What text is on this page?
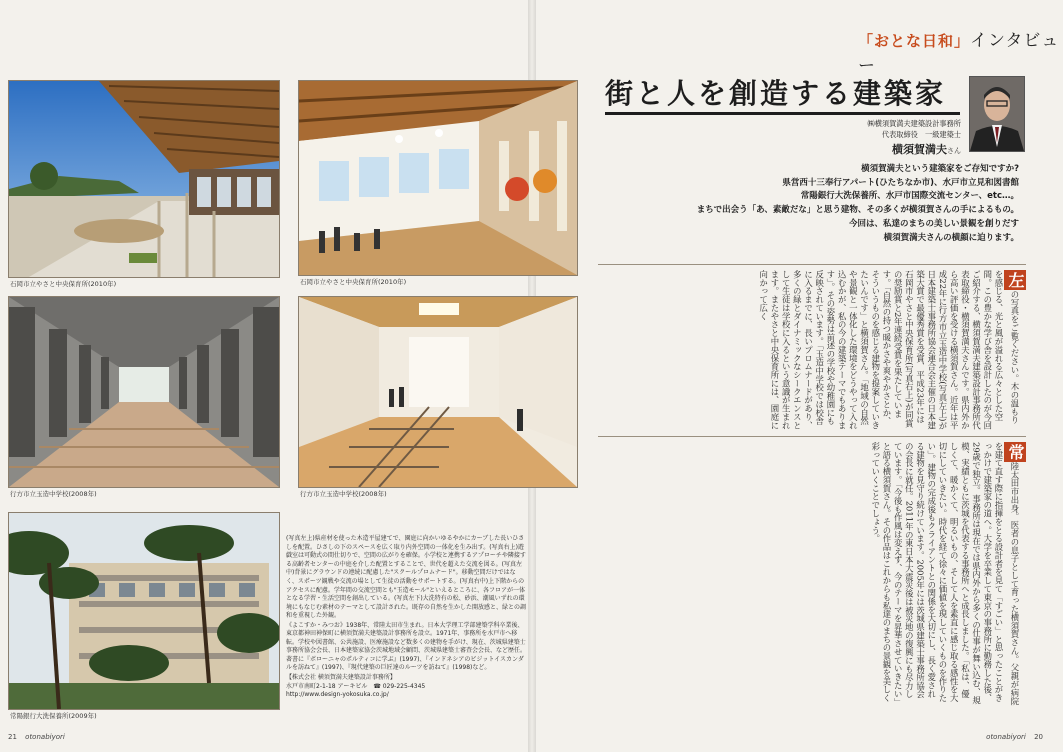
石岡市立やさと中央保育所(2010年)	石岡市立やさと中央保育所(2010年)
行方市立玉造中学校(2008年)	行方市立玉造中学校(2008年)
常陽銀行大洗保養所(2009年)

(写真左上)県産材を使った木造平屋建てで、園庭に向かいゆるやかにカーブした長いひさしを配置。ひさしの下のスペースを広く取り内外空間の一体化を生み出す。(写真右上)遊戯室は可動式の間仕切りで、空間の広がりを確保。小学校と連携するアプローチや隣接する高齢者センターの中庭を介した配置とすることで、世代を超えた交流を図る。(写真左中)背景にグラウンドの連続に配慮した"スクールプロムナード"。移動空間だけではなく、スポーツ観戦や交流の場として生徒の活動をサポートする。(写真右中)上下階からのアクセスに配慮。学年間の交流空間とも"玉造モール"といえるところに、各フロアが一体となる学習・生活空間を創出している。(写真左下)大洗特有の松、砂浜、潮風いずれの環境にもなじむ素材のテーマとして設計された。既存の自然を生かした開放感と、緑との調和を重視した外観。

《よこすか・みつお》1938年、常陸太田市生まれ。日本大学理工学部建築学科卒業後、東京都神田神保町に横須賀満夫建築設計事務所を設立。1971年、事務所を水戸市へ移転。学校や図書館、公共施設、医療施設など数多くの建物を手がけ、現在、茨城県建築士事務所協会会長、日本建築家協会茨城地域会顧問、茨城県建築士審査会会長、など歴任。著書に『ボローニャのポルティコに学ぶ』(1997)、『インドネシアのビジットイスカンダルを訪ねて』(1997)、『現代建築の巨匠達のルーツを訪ねて』(1998)など。

【株式会社 横須賀満夫建築設計事務所】

水戸市南町2-1-18 アーキビル　☎ 029-225-4345

http://www.design-yokosuka.co.jp/

「おとな日和」インタビュー
街と人を創造する建築家
㈱横須賀満夫建築設計事務所
代表取締役　一級建築士
横須賀満夫さん
横須賀満夫という建築家をご存知ですか?
県営西十三奉行アパート(ひたちなか市)、水戸市立見和図書館
常陽銀行大洗保養所、水戸市国際交流センター、etc…。
まちで出会う「あ、素敵だな」と思う建物、その多くが横須賀さんの手によるもの。
今回は、私達のまちの美しい景観を創りだす
横須賀満夫さんの横顔に迫ります。

左の写真をご覧ください。木の温もりを感じる、光と風が溢れる広々とした空間。この豊かな学び舎を設計したのが今回ご紹介する、横須賀満夫建築設計事務所代表取締役・横須賀満夫さんです。県内外から高い評価を受ける横須賀さん。近年は平成22年に行方市立玉造中学校(写真左上)が日本建築士事務所協会連合会主催の日本建築大賞で最優秀賞を受賞、平成23年には石岡市やさと中央保育所(写真右上)が同賞の奨励賞と2年連続受賞を果たしています。「自然の持つ暖かさや爽やかさとか、そういうものを感じる建物を提案していきたいんです」と横須賀さん。「地域の自然や景観と一体化した環境をどうやって入れ込むかが、私の今の建築テーマでもあります」。その姿勢は前述の学校や幼稚園にも反映されています。「玉造中学校では校舎に入るまでに、長いプロムナードがあり、多くの緑とダイナミックなシークエンスとして生徒は学校に入るという意識が生まれます。またやさと中央保育所には、園庭に向かって広く

常陸太田市出身。医者の息子として育った横須賀さん。父親が病院を建て直す際に指揮をとる設計者を見て「すごい」と思ったことがきっかけで建築家の道へ。大学を卒業して東京の事務所に勤務した後、29歳で独立。事務所は現在では県内外から多くの仕事が舞い込む、規模、実績ともに茨城を代表する事務所へと成長しました。「私は、優しくて、暖かくて、明るいもの、そして人を素直に感じ取る感性を大切にしていきたい。時代を経て徐々に価値を現していくものを作りたい」。建物の完成後もクライアントとの関係を大切にし、長く愛される建物を見守り続けています。2005年には茨城県建築士事務所協会の会長に就任。2011年の東日本大震災後は被災地の復興にも尽力しています。「今後も作風は変えず、今のテーマを昇華させていきたい」と語る横須賀さん。その作品はこれからも私達のまちの景観を美しく彩っていくことでしょう。

21 otonabiyori	otonabiyori 20
